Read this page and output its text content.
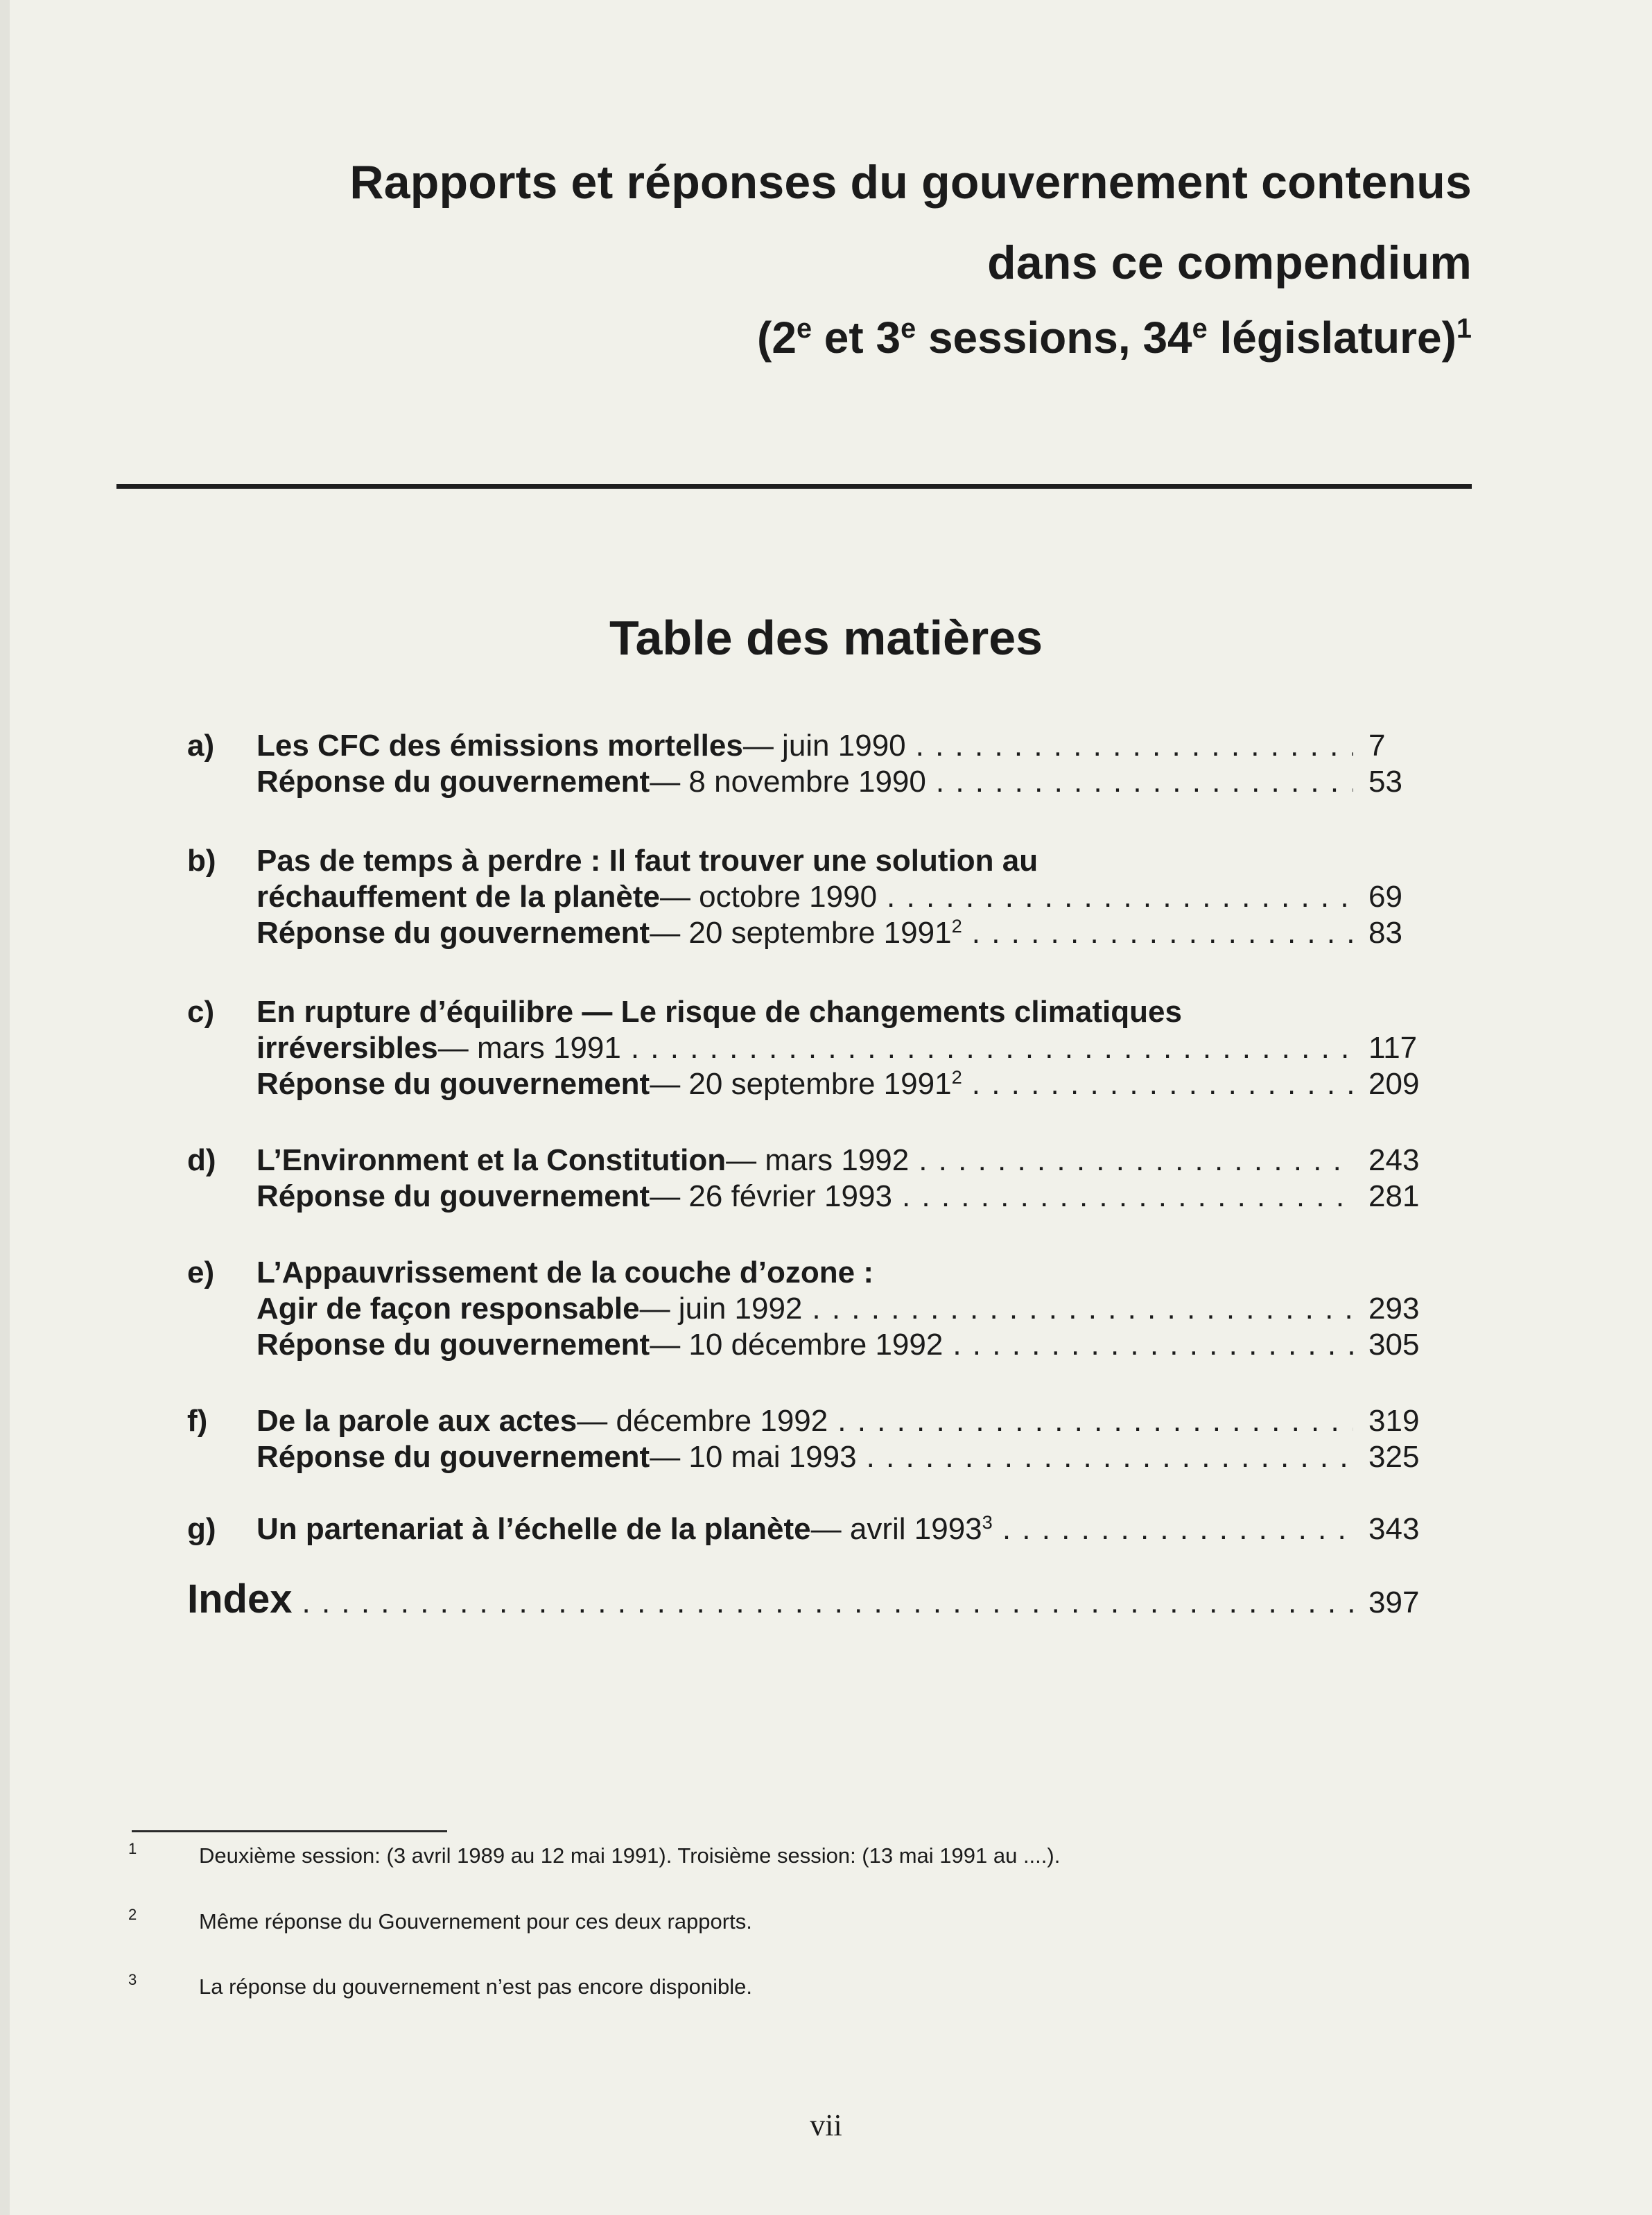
Rapports et réponses du gouvernement contenus
dans ce compendium
(2e et 3e sessions, 34e législature)$^1$
Table des matières
a) Les CFC des émissions mortelles — juin 1990 . . .	7
Réponse du gouvernement — 8 novembre 1990 . . .	53
b) Pas de temps à perdre : Il faut trouver une solution au
réchauffement de la planète — octobre 1990 . . .	69
Réponse du gouvernement — 20 septembre 1991$^2$ . . .	83
c) En rupture d’équilibre — Le risque de changements climatiques
irréversibles — mars 1991 . . .	117
Réponse du gouvernement — 20 septembre 1991$^2$ . . .	209
d) L’Environment et la Constitution — mars 1992 . . .	243
Réponse du gouvernement — 26 février 1993 . . .	281
e) L’Appauvrissement de la couche d’ozone :
Agir de façon responsable — juin 1992 . . .	293
Réponse du gouvernement — 10 décembre 1992 . . .	305
f) De la parole aux actes — décembre 1992 . . .	319
Réponse du gouvernement — 10 mai 1993 . . .	325
g) Un partenariat à l’échelle de la planète — avril 1993$^3$ . . .	343
Index . . .	397
1	Deuxième session: (3 avril 1989 au 12 mai 1991). Troisième session: (13 mai 1991 au ....).
2	Même réponse du Gouvernement pour ces deux rapports.
3	La réponse du gouvernement n’est pas encore disponible.
vii
